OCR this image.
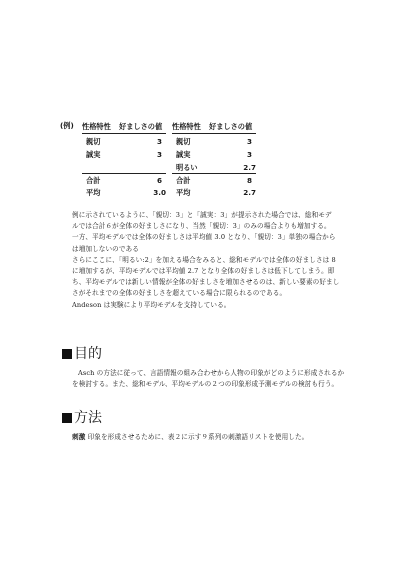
(例) 性格特性 好ましさの値
親切	3
誠実	3
合計	6
平均	3.0
性格特性 好ましさの値
親切	3
誠実	3
明るい	2.7
合計	8
平均	2.7

例に示されているように、「親切：3」と「誠実：3」が提示された場合では、総和モデ

ルでは合計６が全体の好ましさになり、当然「親切：3」のみの場合よりも増加する。

一方、平均モデルでは全体の好ましさは平均値 3.0 となり、「親切：3」単独の場合から

は増加しないのである

さらにここに、「明るい:2」を加える場合をみると、総和モデルでは全体の好ましさは 8

に増加するが、平均モデルでは平均値 2.7 となり全体の好ましさは低下してしまう。即

ち、平均モデルでは新しい情報が全体の好ましさを増加させるのは、新しい要素の好まし

さがそれまでの全体の好ましさを超えている場合に限られるのである。

Andeson は実験により平均モデルを支持している。

目的

Asch の方法に従って、言語情報の組み合わせから人物の印象がどのように形成されるか

を検討する。また、総和モデル、平均モデルの２つの印象形成予測モデルの検討も行う。

方法

刺激 印象を形成させるために、表２に示す９系列の刺激語リストを使用した。
